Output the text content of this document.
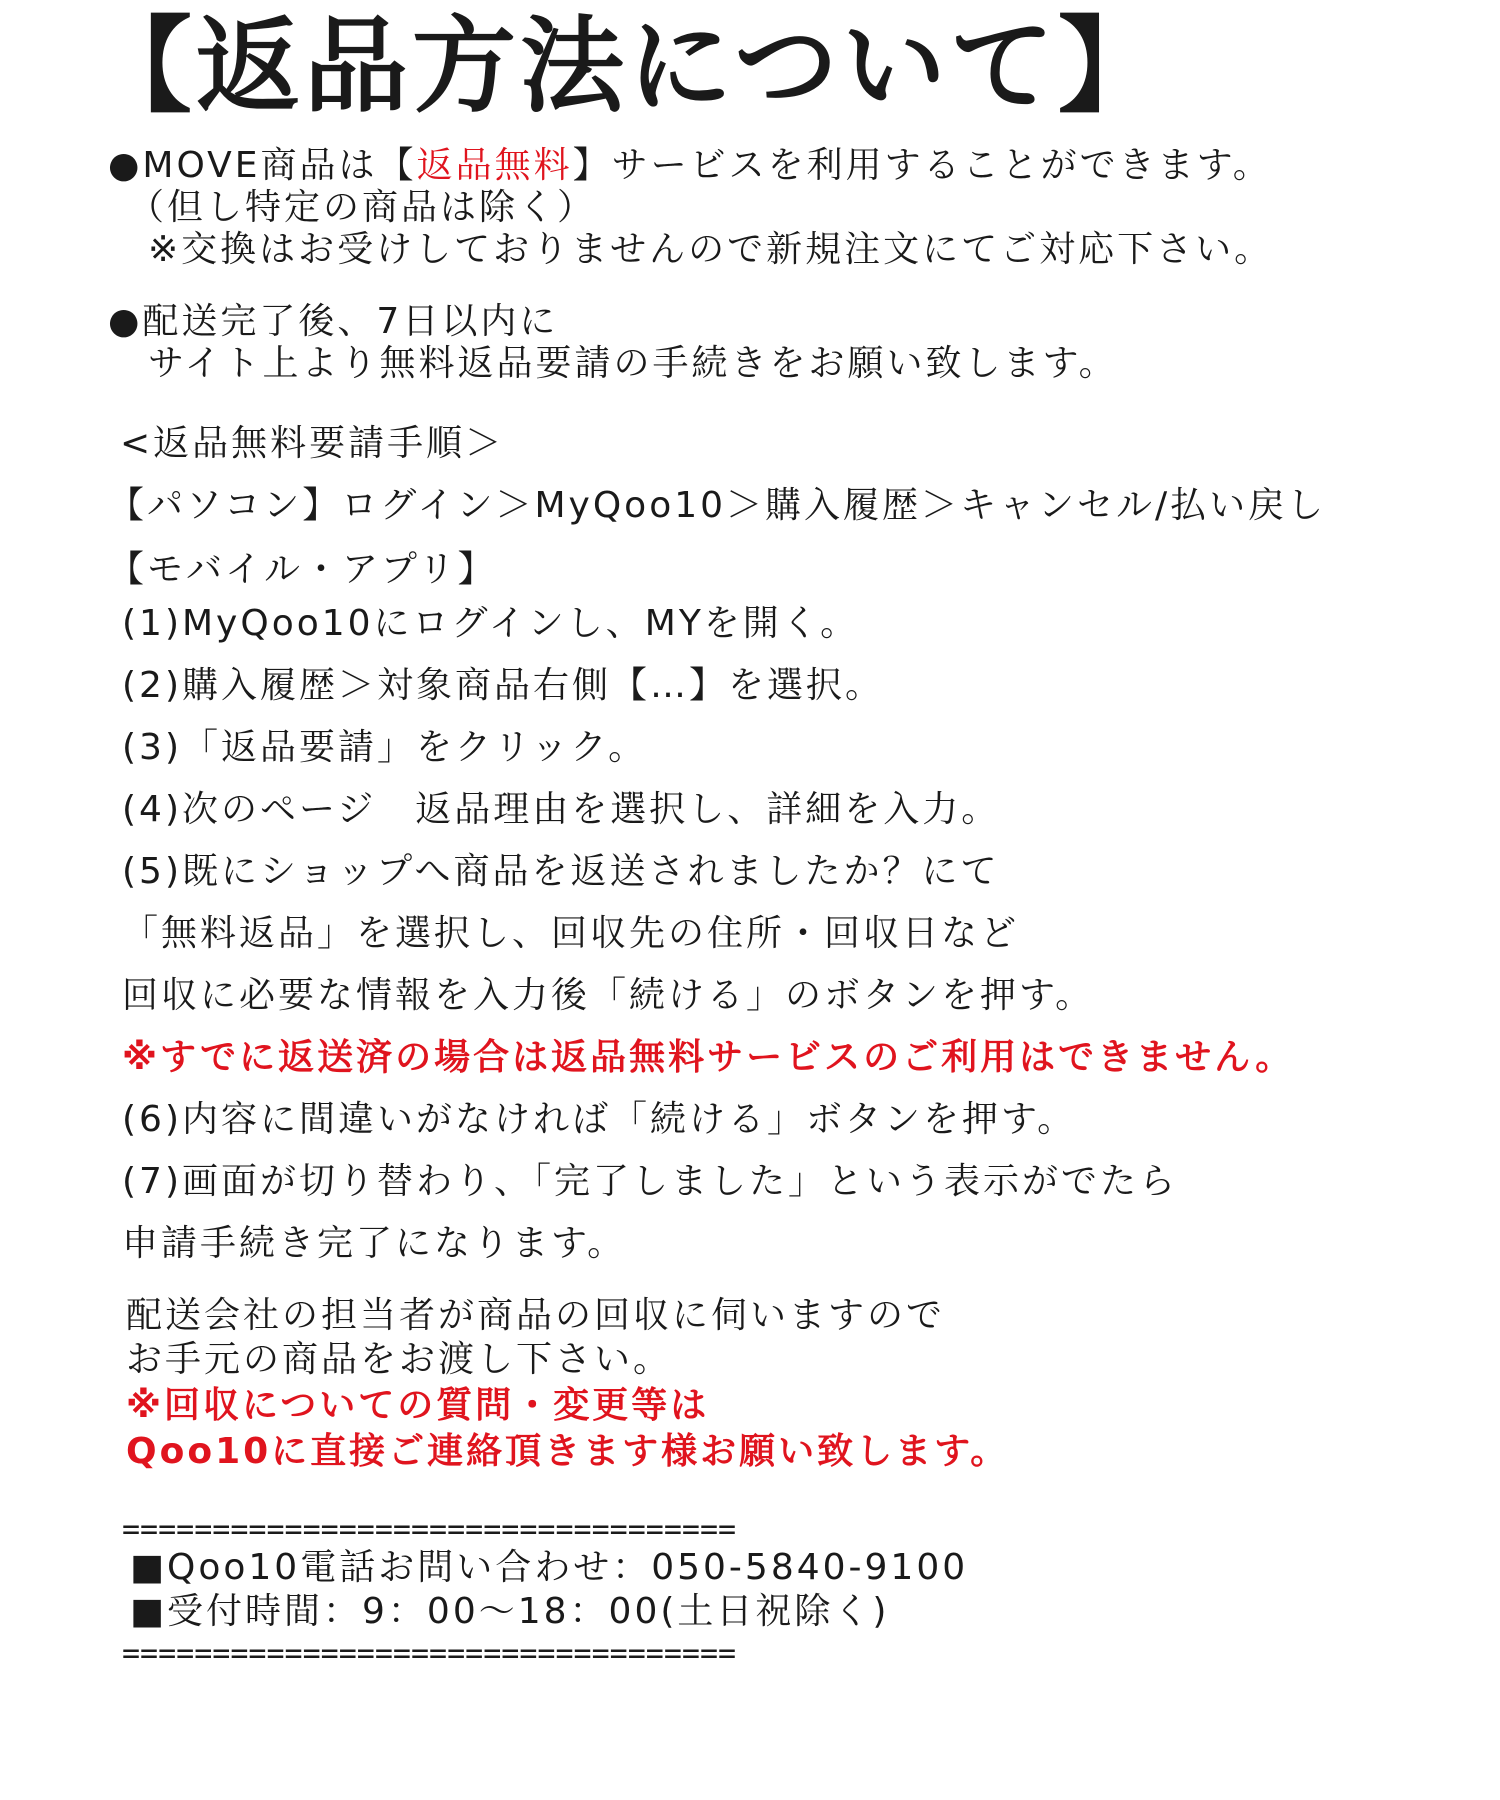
【返品方法について】
●MOVE商品は【返品無料】サービスを利用することができます。
（但し特定の商品は除く）
※交換はお受けしておりませんので新規注文にてご対応下さい。
●配送完了後、7日以内に
サイト上より無料返品要請の手続きをお願い致します。
<返品無料要請手順＞
【パソコン】ログイン＞MyQoo10＞購入履歴＞キャンセル/払い戻し
【モバイル・アプリ】
(1)MyQoo10にログインし、MYを開く。
(2)購入履歴＞対象商品右側【…】を選択。
(3)「返品要請」をクリック。
(4)次のページ　返品理由を選択し、詳細を入力。
(5)既にショップへ商品を返送されましたか？にて
「無料返品」を選択し、回収先の住所・回収日など
回収に必要な情報を入力後「続ける」のボタンを押す。
※すでに返送済の場合は返品無料サービスのご利用はできません。
(6)内容に間違いがなければ「続ける」ボタンを押す。
(7)画面が切り替わり、「完了しました」という表示がでたら
申請手続き完了になります。
配送会社の担当者が商品の回収に伺いますので
お手元の商品をお渡し下さい。
※回収についての質問・変更等は
Qoo10に直接ご連絡頂きます様お願い致します。
==================================
■Qoo10電話お問い合わせ：050-5840-9100
■受付時間：9：00〜18：00(土日祝除く)
==================================
